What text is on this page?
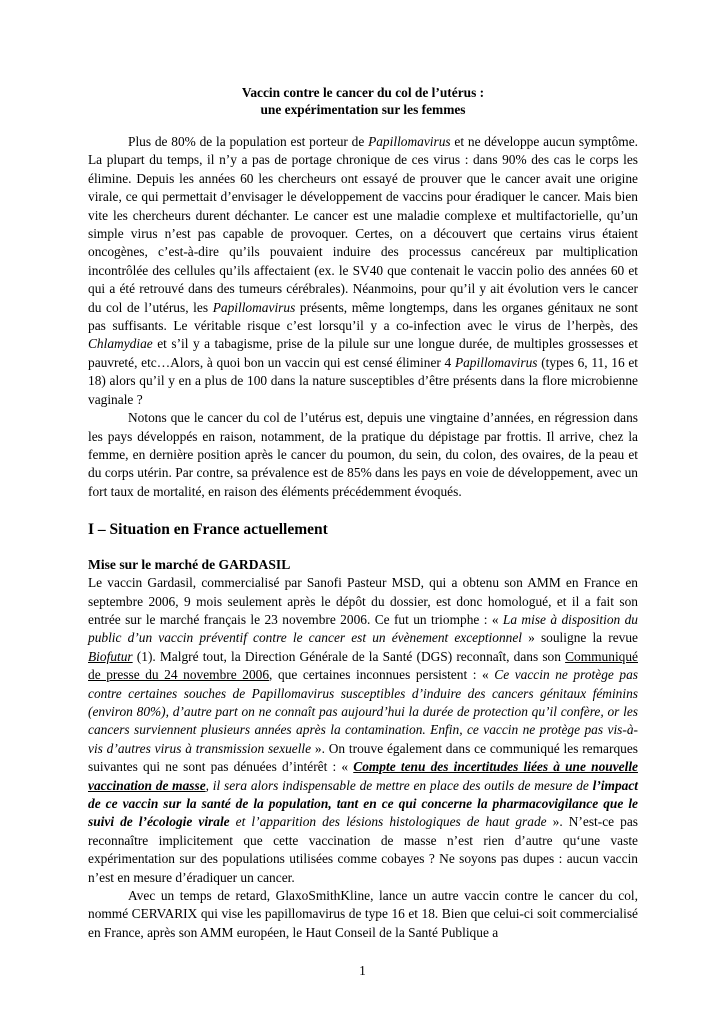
Vaccin contre le cancer du col de l’utérus :

une expérimentation sur les femmes

Plus de 80% de la population est porteur de Papillomavirus et ne développe aucun symptôme. La plupart du temps, il n’y a pas de portage chronique de ces virus : dans 90% des cas le corps les élimine. Depuis les années 60 les chercheurs ont essayé de prouver que le cancer avait une origine virale, ce qui permettait d’envisager le développement de vaccins pour éradiquer le cancer. Mais bien vite les chercheurs durent déchanter. Le cancer est une maladie complexe et multifactorielle, qu’un simple virus n’est pas capable de provoquer. Certes, on a découvert que certains virus étaient oncogènes, c’est-à-dire qu’ils pouvaient induire des processus cancéreux par multiplication incontrôlée des cellules qu’ils affectaient (ex. le SV40 que contenait le vaccin polio des années 60 et qui a été retrouvé dans des tumeurs cérébrales). Néanmoins, pour qu’il y ait évolution vers le cancer du col de l’utérus, les Papillomavirus présents, même longtemps, dans les organes génitaux ne sont pas suffisants. Le véritable risque c’est lorsqu’il y a co-infection avec le virus de l’herpès, des Chlamydiae et s’il y a tabagisme, prise de la pilule sur une longue durée, de multiples grossesses et pauvreté, etc…Alors, à quoi bon un vaccin qui est censé éliminer 4 Papillomavirus (types 6, 11, 16 et 18) alors qu’il y en a plus de 100 dans la nature susceptibles d’être présents dans la flore microbienne vaginale ?

Notons que le cancer du col de l’utérus est, depuis une vingtaine d’années, en régression dans les pays développés en raison, notamment, de la pratique du dépistage par frottis. Il arrive, chez la femme, en dernière position après le cancer du poumon, du sein, du colon, des ovaires, de la peau et du corps utérin. Par contre, sa prévalence est de 85% dans les pays en voie de développement, avec un fort taux de mortalité, en raison des éléments précédemment évoqués.

I – Situation en France actuellement
Mise sur le marché de GARDASIL

Le vaccin Gardasil, commercialisé par Sanofi Pasteur MSD, qui a obtenu son AMM en France en septembre 2006, 9 mois seulement après le dépôt du dossier, est donc homologué, et il a fait son entrée sur le marché français le 23 novembre 2006. Ce fut un triomphe : « La mise à disposition du public d’un vaccin préventif contre le cancer est un évènement exceptionnel » souligne la revue Biofutur (1). Malgré tout, la Direction Générale de la Santé (DGS) reconnaît, dans son Communiqué de presse du 24 novembre 2006, que certaines inconnues persistent : « Ce vaccin ne protège pas contre certaines souches de Papillomavirus susceptibles d’induire des cancers génitaux féminins (environ 80%), d’autre part on ne connaît pas aujourd’hui la durée de protection qu’il confère, or les cancers surviennent plusieurs années après la contamination. Enfin, ce vaccin ne protège pas vis-à-vis d’autres virus à transmission sexuelle ». On trouve également dans ce communiqué les remarques suivantes qui ne sont pas dénuées d’intérêt : « Compte tenu des incertitudes liées à une nouvelle vaccination de masse, il sera alors indispensable de mettre en place des outils de mesure de l’impact de ce vaccin sur la santé de la population, tant en ce qui concerne la pharmacovigilance que le suivi de l’écologie virale et l’apparition des lésions histologiques de haut grade ». N’est-ce pas reconnaître implicitement que cette vaccination de masse n’est rien d’autre qu‘une vaste expérimentation sur des populations utilisées comme cobayes ? Ne soyons pas dupes : aucun vaccin n’est en mesure d’éradiquer un cancer.

Avec un temps de retard, GlaxoSmithKline, lance un autre vaccin contre le cancer du col, nommé CERVARIX qui vise les papillomavirus de type 16 et 18. Bien que celui-ci soit commercialisé en France, après son AMM européen, le Haut Conseil de la Santé Publique a

1
